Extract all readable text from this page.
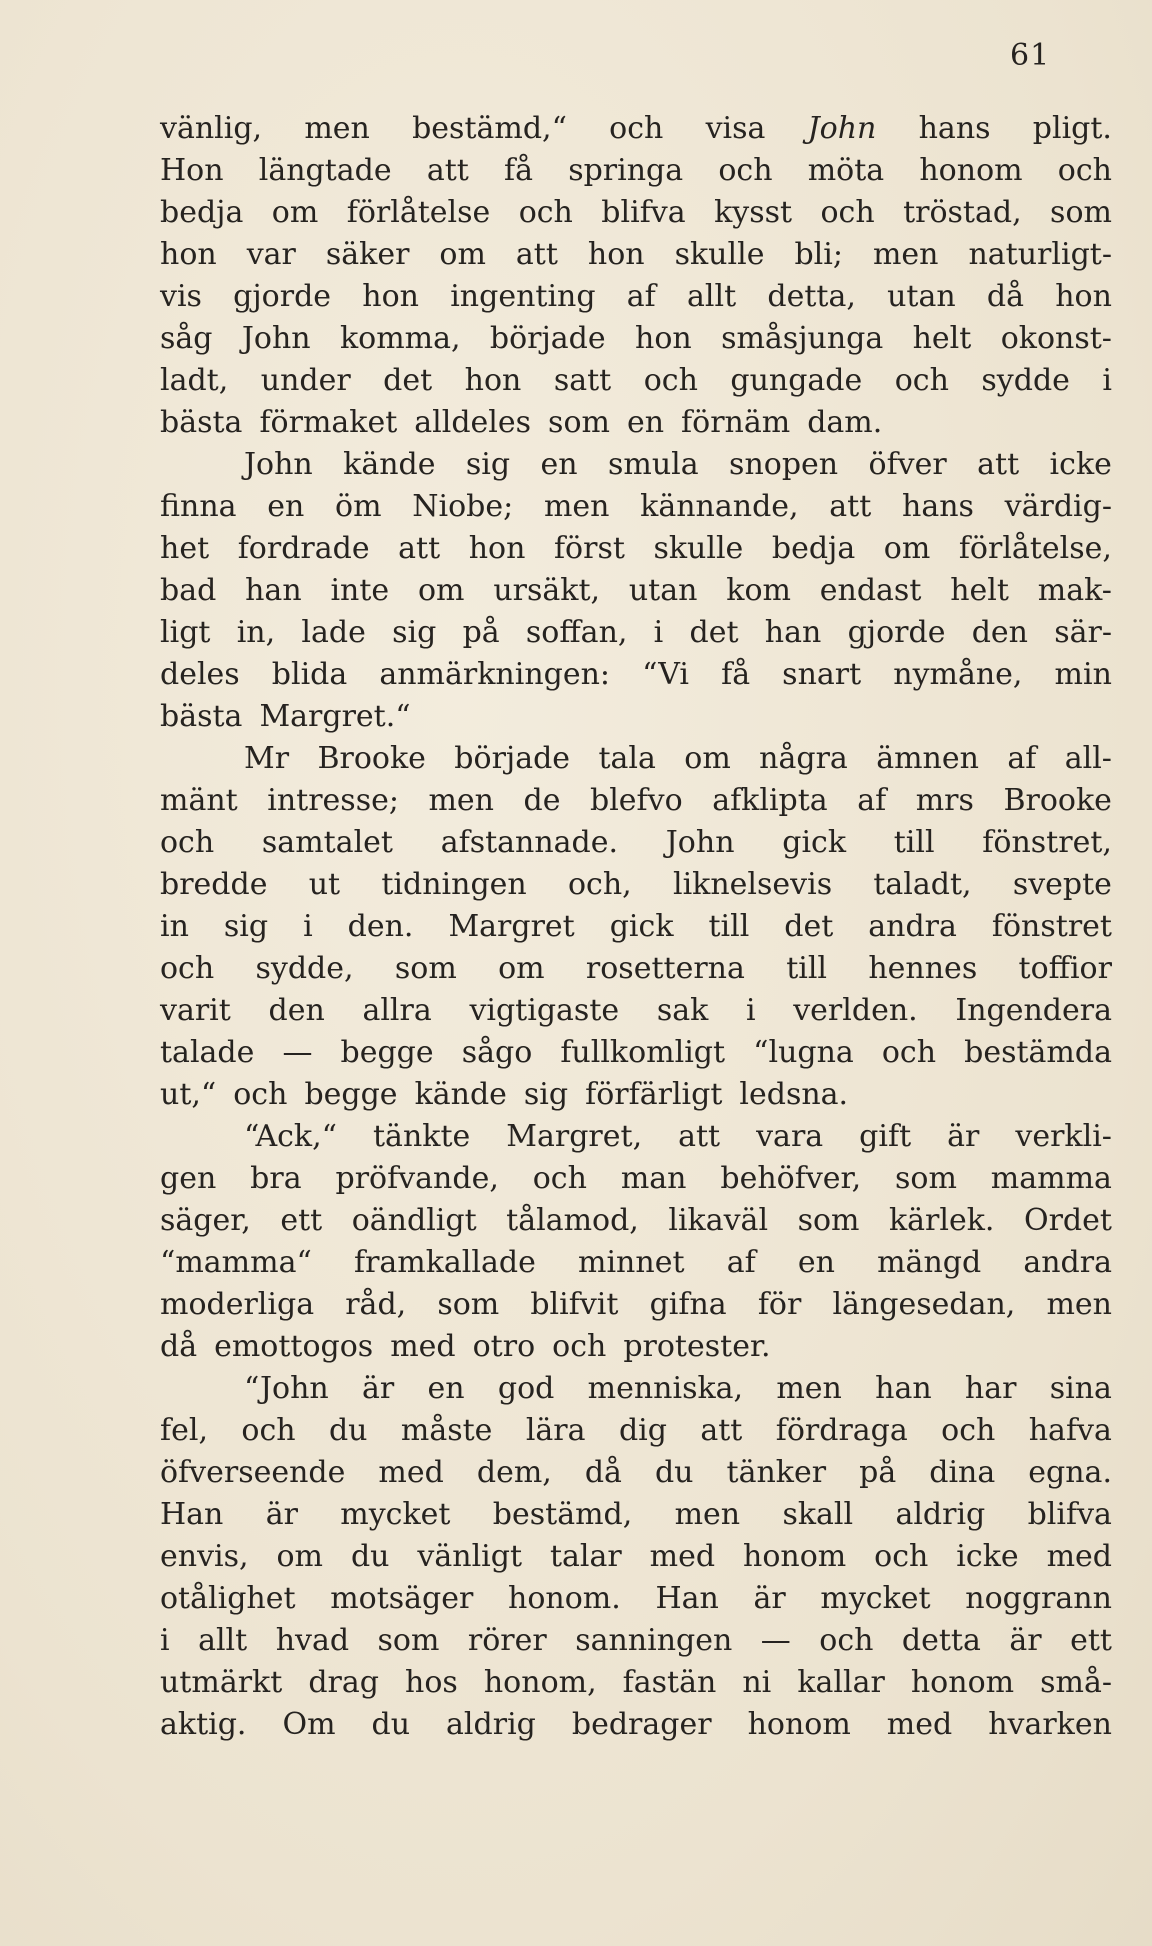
61
vänlig, men bestämd,“ och visa John hans pligt.
Hon längtade att få springa och möta honom och
bedja om förlåtelse och blifva kysst och tröstad, som
hon var säker om att hon skulle bli; men naturligt-
vis gjorde hon ingenting af allt detta, utan då hon
såg John komma, började hon småsjunga helt okonst-
ladt, under det hon satt och gungade och sydde i
bästa förmaket alldeles som en förnäm dam.
John kände sig en smula snopen öfver att icke
finna en öm Niobe; men kännande, att hans värdig-
het fordrade att hon först skulle bedja om förlåtelse,
bad han inte om ursäkt, utan kom endast helt mak-
ligt in, lade sig på soffan, i det han gjorde den sär-
deles blida anmärkningen: “Vi få snart nymåne, min
bästa Margret.“
Mr Brooke började tala om några ämnen af all-
mänt intresse; men de blefvo afklipta af mrs Brooke
och samtalet afstannade. John gick till fönstret,
bredde ut tidningen och, liknelsevis taladt, svepte
in sig i den. Margret gick till det andra fönstret
och sydde, som om rosetterna till hennes toffior
varit den allra vigtigaste sak i verlden. Ingendera
talade — begge sågo fullkomligt “lugna och bestämda
ut,“ och begge kände sig förfärligt ledsna.
“Ack,“ tänkte Margret, att vara gift är verkli-
gen bra pröfvande, och man behöfver, som mamma
säger, ett oändligt tålamod, likaväl som kärlek. Ordet
“mamma“ framkallade minnet af en mängd andra
moderliga råd, som blifvit gifna för längesedan, men
då emottogos med otro och protester.
“John är en god menniska, men han har sina
fel, och du måste lära dig att fördraga och hafva
öfverseende med dem, då du tänker på dina egna.
Han är mycket bestämd, men skall aldrig blifva
envis, om du vänligt talar med honom och icke med
otålighet motsäger honom. Han är mycket noggrann
i allt hvad som rörer sanningen — och detta är ett
utmärkt drag hos honom, fastän ni kallar honom små-
aktig. Om du aldrig bedrager honom med hvarken
